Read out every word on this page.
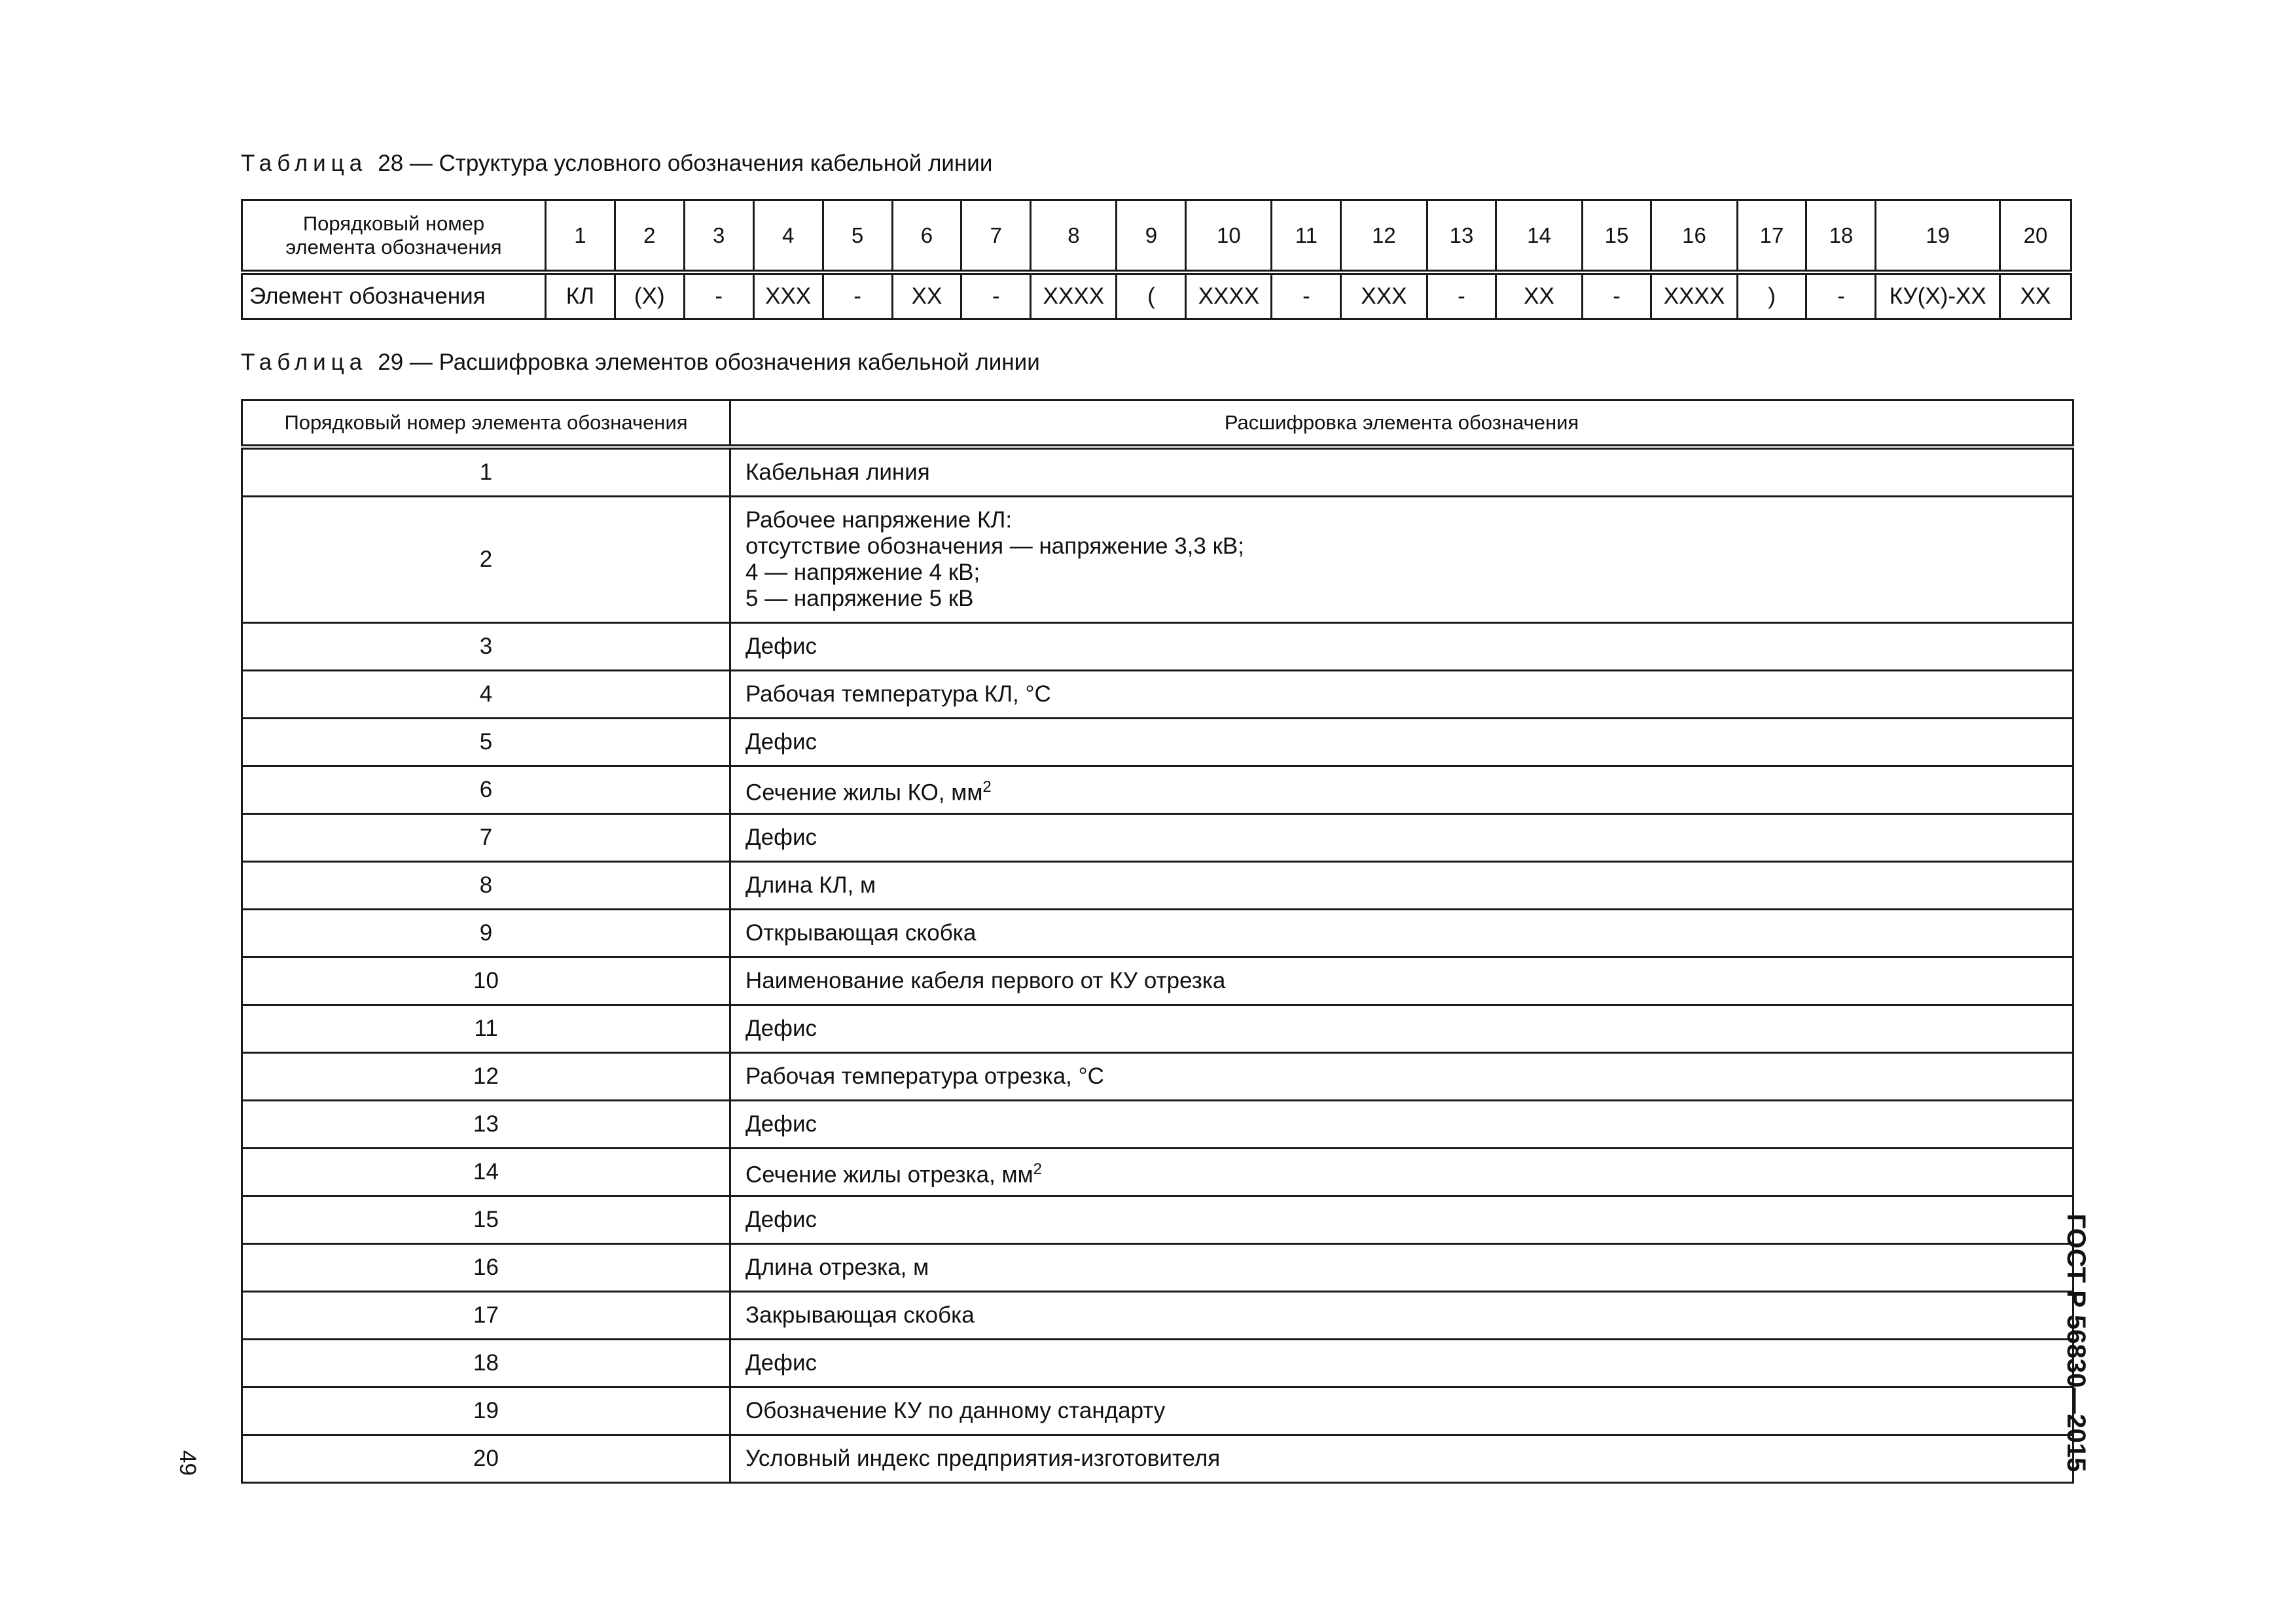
Таблица 28 — Структура условного обозначения кабельной линии
Порядковый номер
элемента обозначения	1	2	3	4	5	6	7	8	9	10	11	12	13	14	15	16	17	18	19	20
Элемент обозначения	КЛ	(X)	-	XXX	-	XX	-	XXXX	(	XXXX	-	XXX	-	XX	-	XXXX	)	-	КУ(X)-XX	XX
Таблица 29 — Расшифровка элементов обозначения кабельной линии
Порядковый номер элемента обозначения	Расшифровка элемента обозначения
1	Кабельная линия

2	Рабочее напряжение КЛ:
отсутствие обозначения — напряжение 3,3 кВ;
4 — напряжение 4 кВ;
5 — напряжение 5 кВ

3	Дефис

4	Рабочая температура КЛ, °С

5	Дефис

6	Сечение жилы КО, $мм^2$
7	Дефис

8	Длина КЛ, м

9	Открывающая скобка

10	Наименование кабеля первого от КУ отрезка

11	Дефис

12	Рабочая температура отрезка, °С

13	Дефис

14	Сечение жилы отрезка, $мм^2$
15	Дефис

16	Длина отрезка, м

17	Закрывающая скобка

18	Дефис

19	Обозначение КУ по данному стандарту

20	Условный индекс предприятия-изготовителя	ГОСТ Р 56830—2015
49
